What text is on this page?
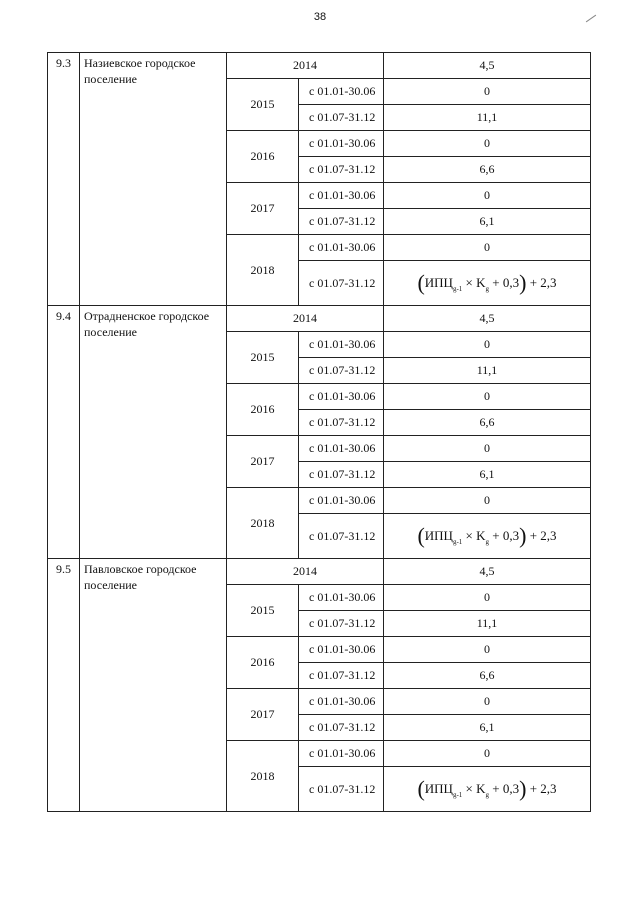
38
9.3	Назиевское городское поселение	2014		4,5
		2015	с 01.01-30.06	0
			с 01.07-31.12	11,1
		2016	с 01.01-30.06	0
			с 01.07-31.12	6,6
		2017	с 01.01-30.06	0
			с 01.07-31.12	6,1
		2018	с 01.01-30.06	0
			с 01.07-31.12	$(ИПЦ_{g-1} \times K_g + 0,3) + 2,3$
9.4	Отрадненское городское поселение	2014		4,5
		2015	с 01.01-30.06	0
			с 01.07-31.12	11,1
		2016	с 01.01-30.06	0
			с 01.07-31.12	6,6
		2017	с 01.01-30.06	0
			с 01.07-31.12	6,1
		2018	с 01.01-30.06	0
			с 01.07-31.12	$(ИПЦ_{g-1} \times K_g + 0,3) + 2,3$
9.5	Павловское городское поселение	2014		4,5
		2015	с 01.01-30.06	0
			с 01.07-31.12	11,1
		2016	с 01.01-30.06	0
			с 01.07-31.12	6,6
		2017	с 01.01-30.06	0
			с 01.07-31.12	6,1
		2018	с 01.01-30.06	0
			с 01.07-31.12	$(ИПЦ_{g-1} \times K_g + 0,3) + 2,3$
